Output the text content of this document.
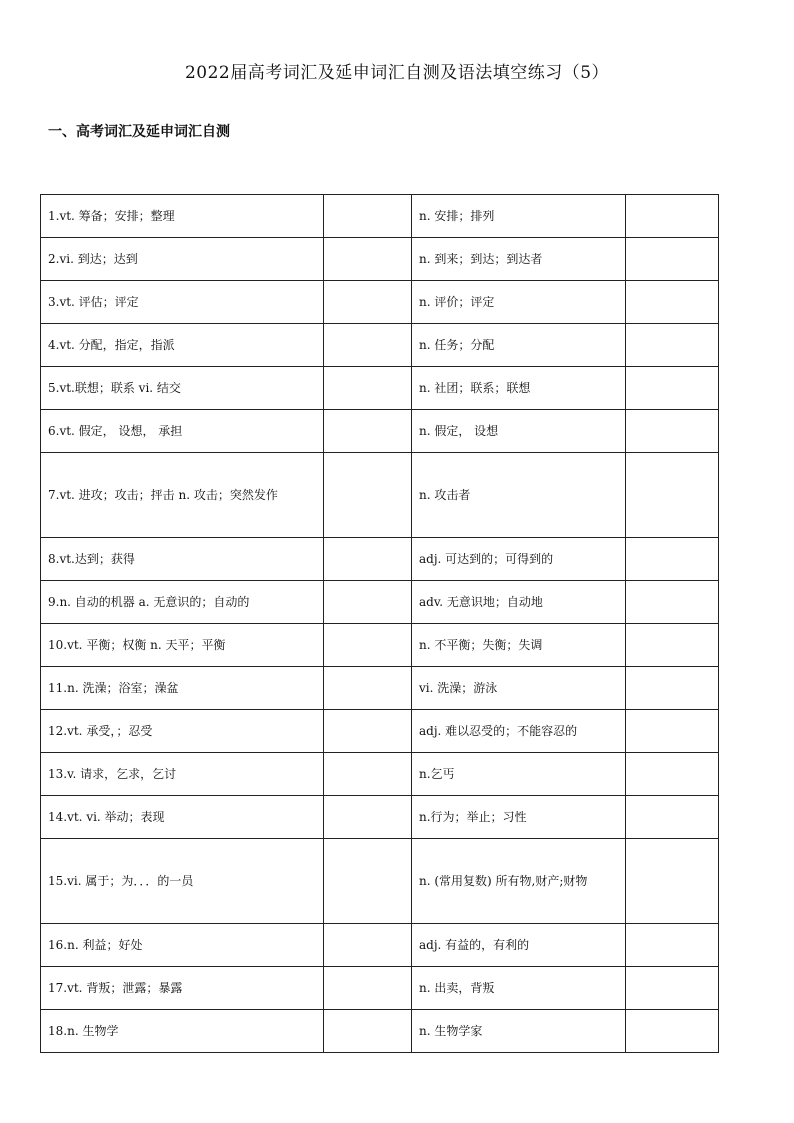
2022届高考词汇及延申词汇自测及语法填空练习（5）
一、高考词汇及延申词汇自测
1.vt. 筹备；安排；整理		n. 安排；排列	
2.vi. 到达；达到		n. 到来；到达；到达者	
3.vt. 评估；评定		n. 评价；评定	
4.vt. 分配，指定，指派		n. 任务；分配	
5.vt.联想；联系 vi. 结交		n. 社团；联系；联想	
6.vt. 假定， 设想， 承担		n. 假定， 设想	
7.vt. 进攻；攻击；抨击 n. 攻击；突然发作		n. 攻击者	
8.vt.达到；获得		adj. 可达到的；可得到的	
9.n. 自动的机器 a. 无意识的；自动的		adv. 无意识地；自动地	
10.vt. 平衡；权衡 n. 天平；平衡		n. 不平衡；失衡；失调	
11.n. 洗澡；浴室；澡盆		vi. 洗澡；游泳	
12.vt. 承受，；忍受		adj. 难以忍受的；不能容忍的	
13.v. 请求，乞求，乞讨		n.乞丐	
14.vt. vi. 举动；表现		n.行为；举止；习性	
15.vi. 属于；为．．．的一员		n. (常用复数) 所有物,财产;财物	
16.n. 利益；好处		adj. 有益的，有利的	
17.vt. 背叛；泄露；暴露		n. 出卖，背叛	
18.n. 生物学		n. 生物学家	
